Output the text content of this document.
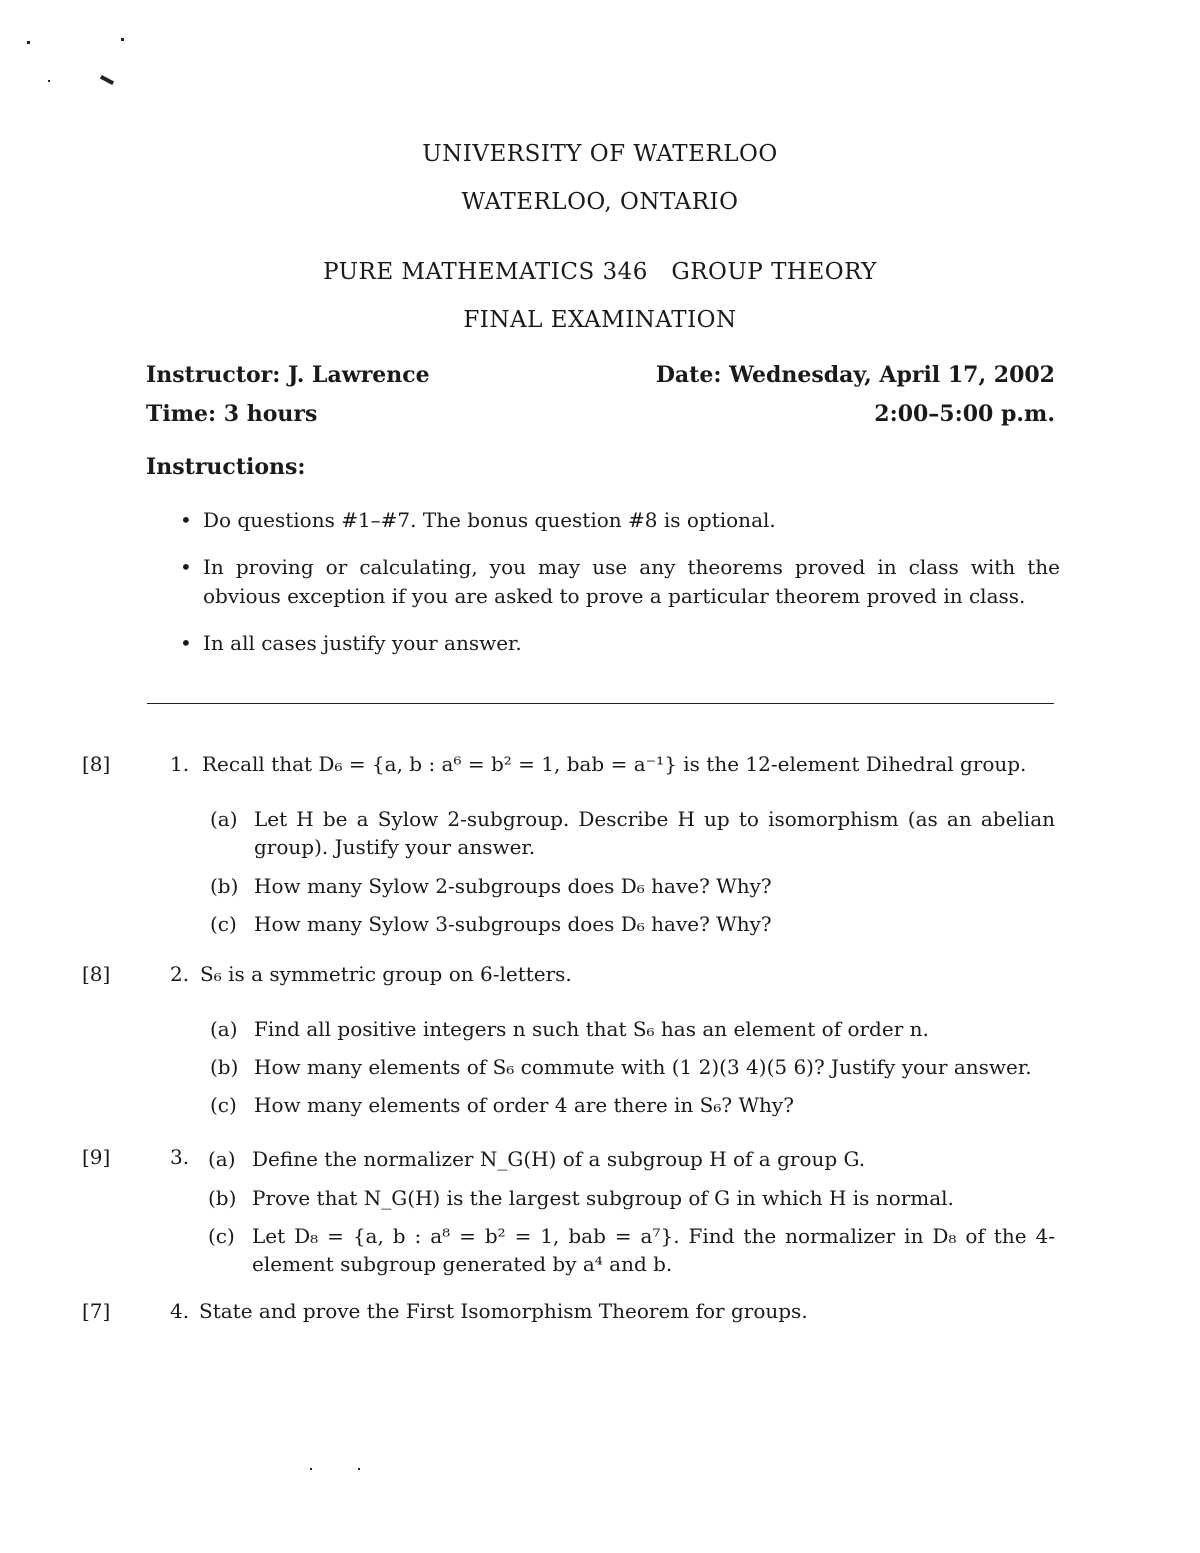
UNIVERSITY OF WATERLOO
WATERLOO, ONTARIO
PURE MATHEMATICS 346   GROUP THEORY
FINAL EXAMINATION
Instructor: J. Lawrence	Date: Wednesday, April 17, 2002
Time: 3 hours	2:00–5:00 p.m.
Instructions:
• Do questions #1–#7. The bonus question #8 is optional.
• In proving or calculating, you may use any theorems proved in class with the obvious exception if you are asked to prove a particular theorem proved in class.
• In all cases justify your answer.
[8]	1. Recall that D₆ = {a, b : a⁶ = b² = 1, bab = a⁻¹} is the 12-element Dihedral group.
(a) Let H be a Sylow 2-subgroup. Describe H up to isomorphism (as an abelian group). Justify your answer.
(b) How many Sylow 2-subgroups does D₆ have? Why?
(c) How many Sylow 3-subgroups does D₆ have? Why?
[8]	2. S₆ is a symmetric group on 6-letters.
(a) Find all positive integers n such that S₆ has an element of order n.
(b) How many elements of S₆ commute with (1 2)(3 4)(5 6)? Justify your answer.
(c) How many elements of order 4 are there in S₆? Why?
[9]	3. (a) Define the normalizer N_G(H) of a subgroup H of a group G.
(b) Prove that N_G(H) is the largest subgroup of G in which H is normal.
(c) Let D₈ = {a, b : a⁸ = b² = 1, bab = a⁷}. Find the normalizer in D₈ of the 4-element subgroup generated by a⁴ and b.
[7]	4. State and prove the First Isomorphism Theorem for groups.
